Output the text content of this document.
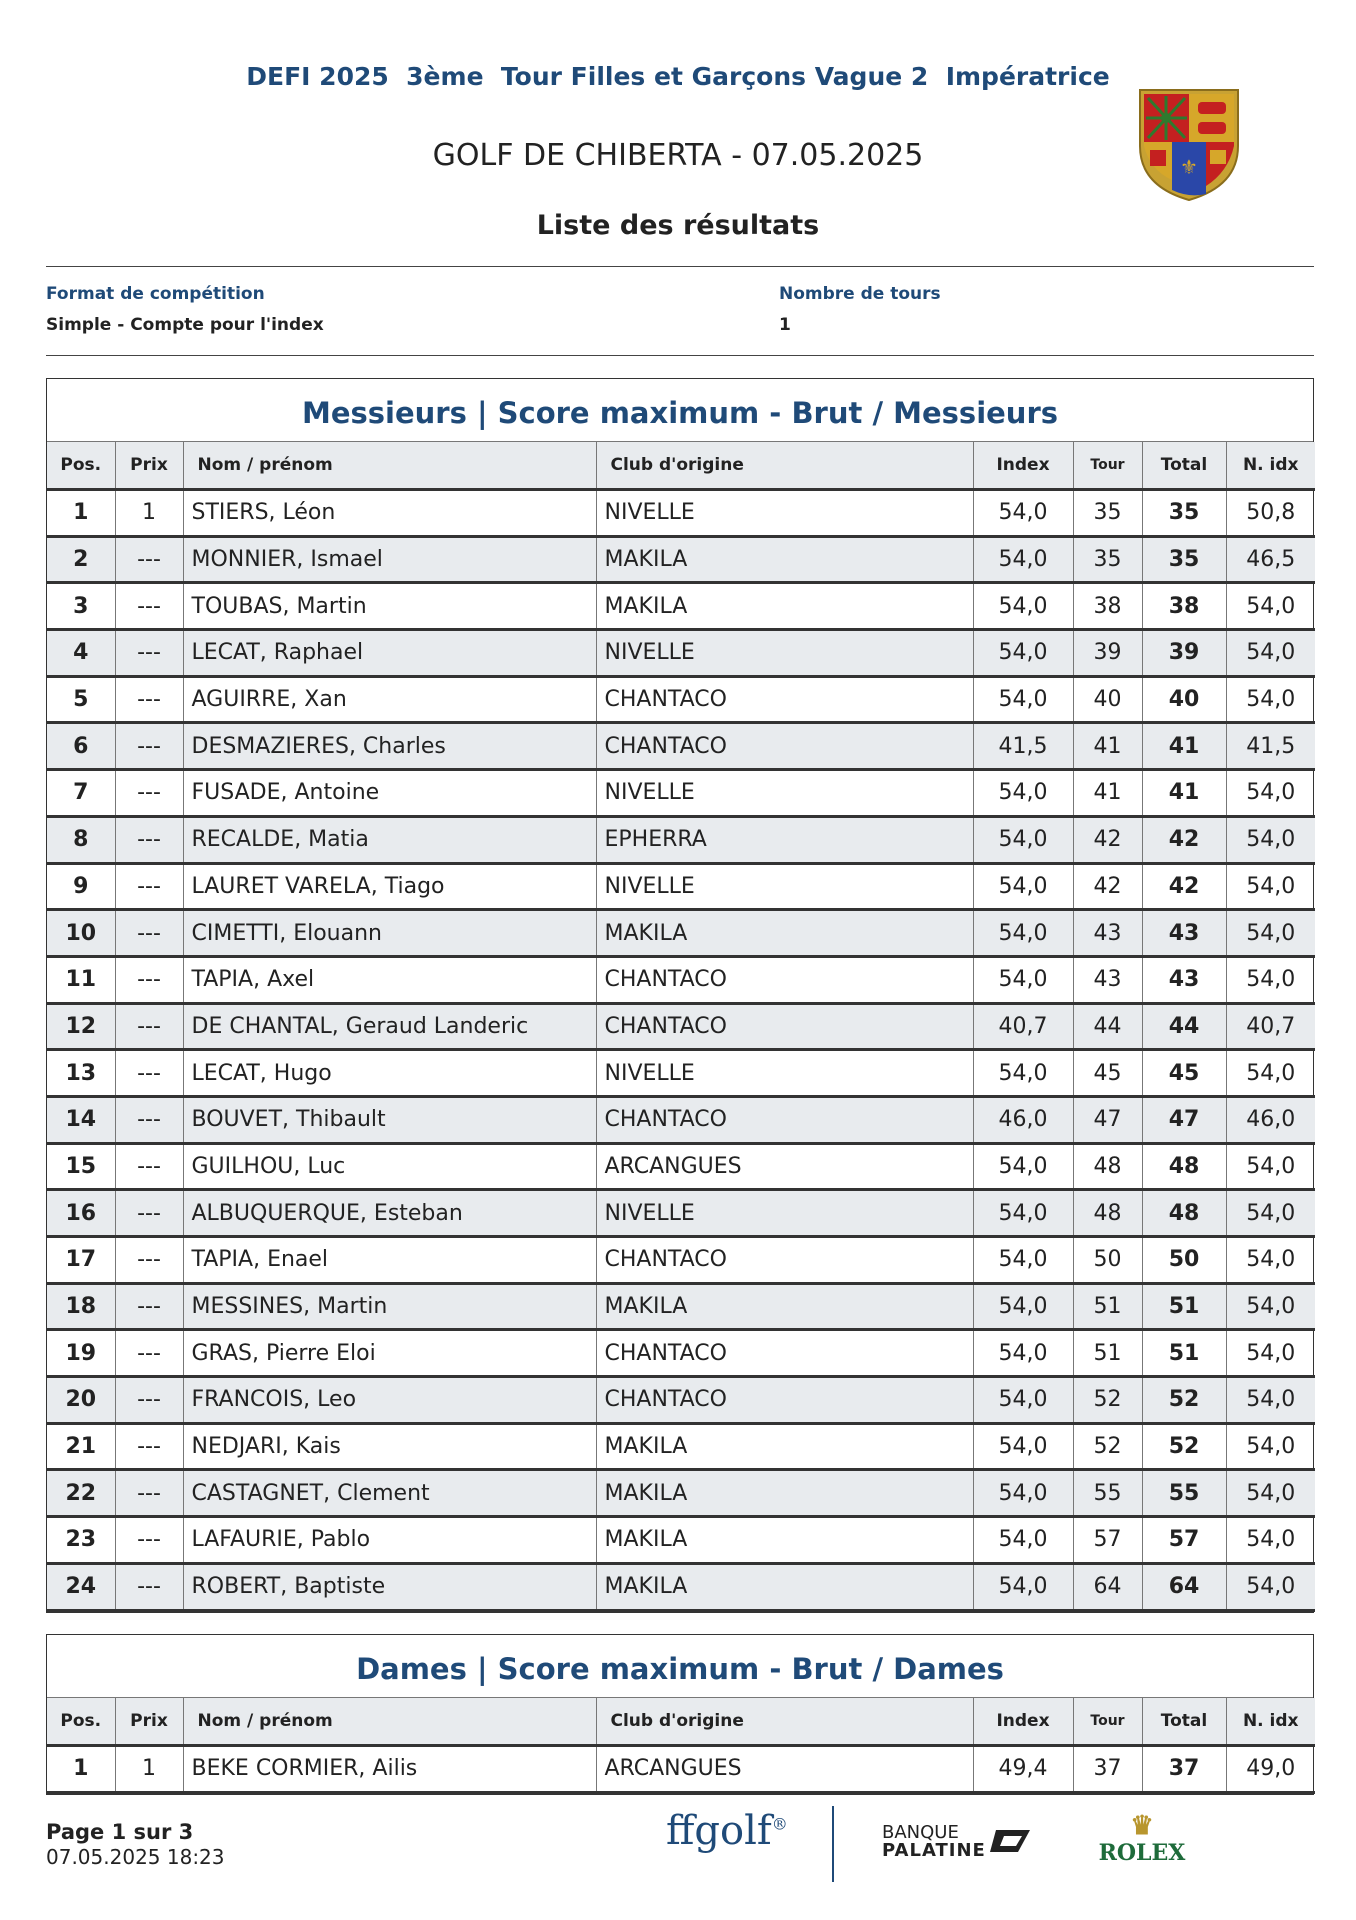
DEFI 2025  3ème  Tour Filles et Garçons Vague 2  Impératrice
GOLF DE CHIBERTA - 07.05.2025
Liste des résultats
⚜
Format de compétition
Simple - Compte pour l'index
Nombre de tours
1
Messieurs | Score maximum - Brut / Messieurs
Pos.	Prix	Nom / prénom	Club d'origine	Index	Tour	Total	N. idx
1	1	STIERS, Léon	NIVELLE	54,0	35	35	50,8
2	---	MONNIER, Ismael	MAKILA	54,0	35	35	46,5
3	---	TOUBAS, Martin	MAKILA	54,0	38	38	54,0
4	---	LECAT, Raphael	NIVELLE	54,0	39	39	54,0
5	---	AGUIRRE, Xan	CHANTACO	54,0	40	40	54,0
6	---	DESMAZIERES, Charles	CHANTACO	41,5	41	41	41,5
7	---	FUSADE, Antoine	NIVELLE	54,0	41	41	54,0
8	---	RECALDE, Matia	EPHERRA	54,0	42	42	54,0
9	---	LAURET VARELA, Tiago	NIVELLE	54,0	42	42	54,0
10	---	CIMETTI, Elouann	MAKILA	54,0	43	43	54,0
11	---	TAPIA, Axel	CHANTACO	54,0	43	43	54,0
12	---	DE CHANTAL, Geraud Landeric	CHANTACO	40,7	44	44	40,7
13	---	LECAT, Hugo	NIVELLE	54,0	45	45	54,0
14	---	BOUVET, Thibault	CHANTACO	46,0	47	47	46,0
15	---	GUILHOU, Luc	ARCANGUES	54,0	48	48	54,0
16	---	ALBUQUERQUE, Esteban	NIVELLE	54,0	48	48	54,0
17	---	TAPIA, Enael	CHANTACO	54,0	50	50	54,0
18	---	MESSINES, Martin	MAKILA	54,0	51	51	54,0
19	---	GRAS, Pierre Eloi	CHANTACO	54,0	51	51	54,0
20	---	FRANCOIS, Leo	CHANTACO	54,0	52	52	54,0
21	---	NEDJARI, Kais	MAKILA	54,0	52	52	54,0
22	---	CASTAGNET, Clement	MAKILA	54,0	55	55	54,0
23	---	LAFAURIE, Pablo	MAKILA	54,0	57	57	54,0
24	---	ROBERT, Baptiste	MAKILA	54,0	64	64	54,0
Dames | Score maximum - Brut / Dames
Pos.	Prix	Nom / prénom	Club d'origine	Index	Tour	Total	N. idx
1	1	BEKE CORMIER, Ailis	ARCANGUES	49,4	37	37	49,0
Page 1 sur 3
07.05.2025 18:23
ffgolf®	BANQUE
PALATINE
♛
ROLEX
